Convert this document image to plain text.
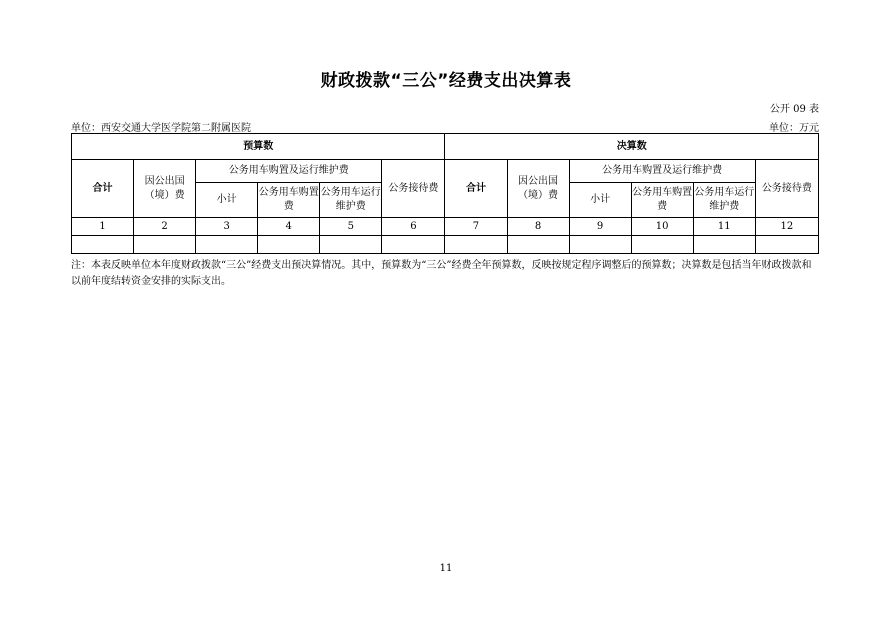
财政拨款“三公”经费支出决算表
公开 09 表
单位：西安交通大学医学院第二附属医院	单位：万元
预算数						决算数					
合计	因公出国（境）费	公务用车购置及运行维护费			公务接待费	合计	因公出国（境）费	公务用车购置及运行维护费			公务接待费
		小计	公务用车购置费	公务用车运行维护费				小计	公务用车购置费	公务用车运行维护费	
1	2	3	4	5	6	7	8	9	10	11	12

注：本表反映单位本年度财政拨款“三公”经费支出预决算情况。其中，预算数为“三公”经费全年预算数，反映按规定程序调整后的预算数；决算数是包括当年财政拨款和以前年度结转资金安排的实际支出。
11
